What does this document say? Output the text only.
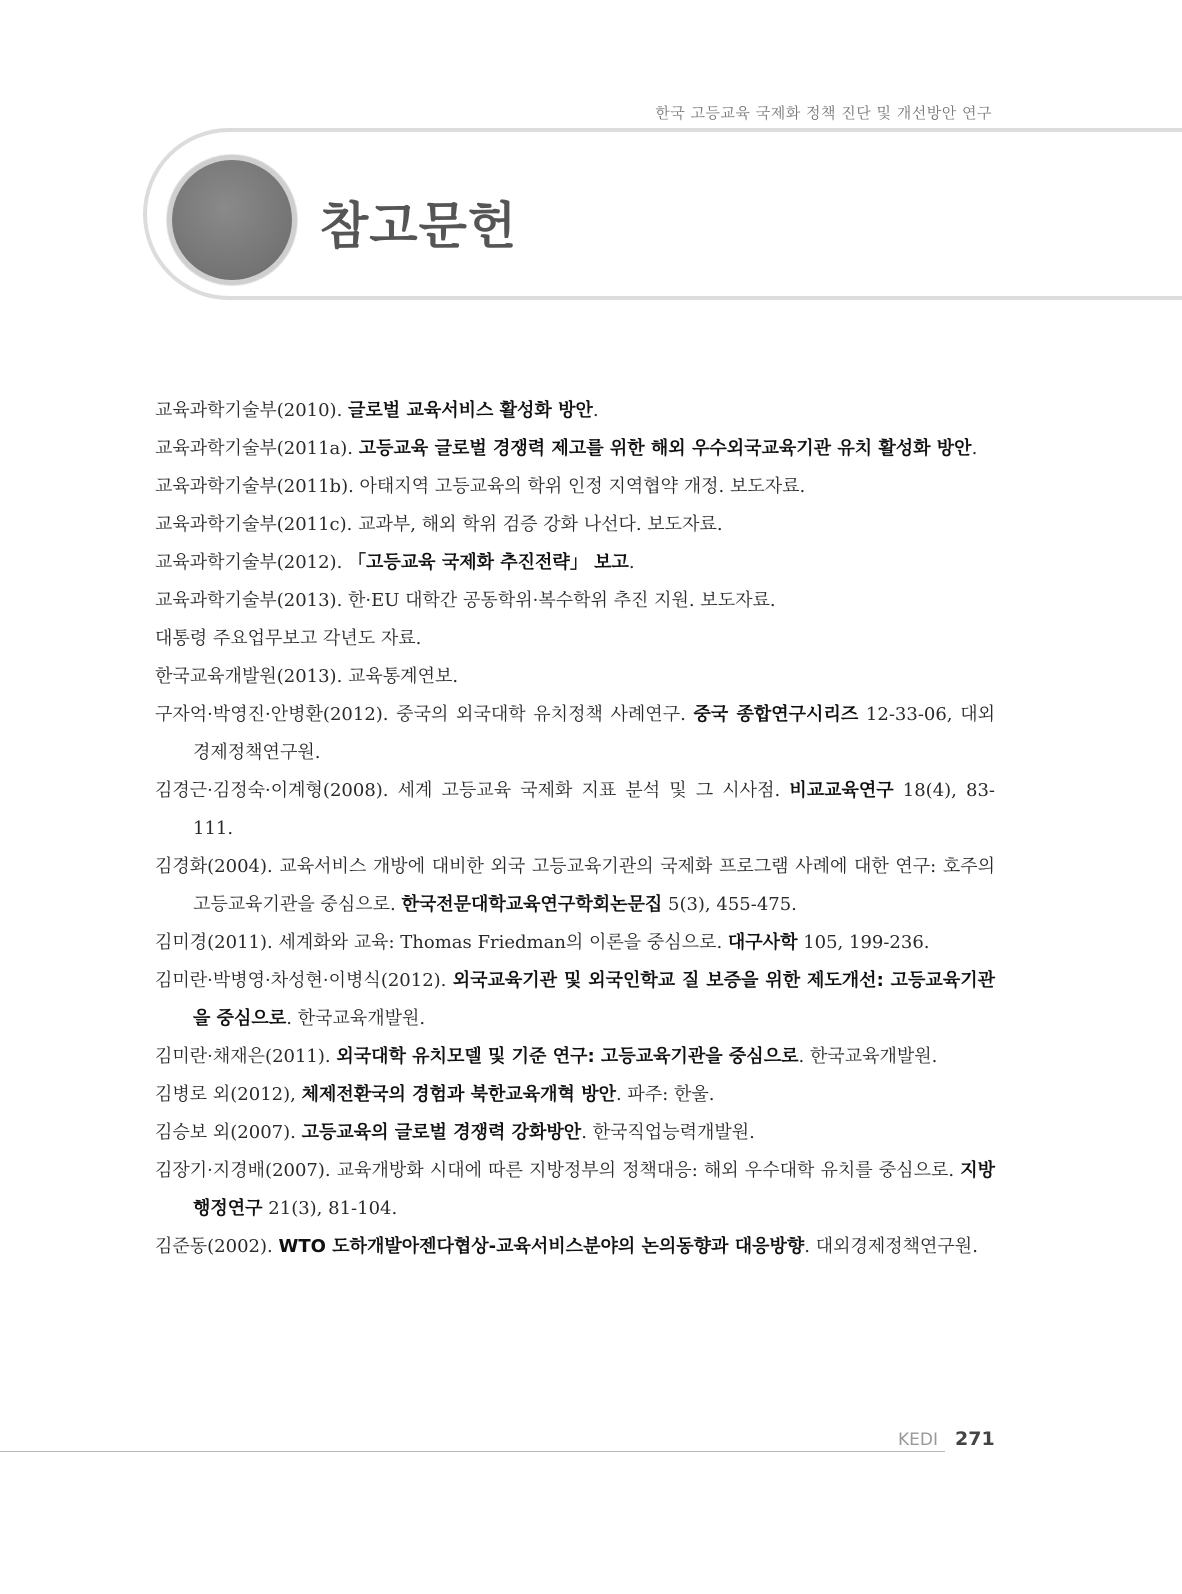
한국 고등교육 국제화 정책 진단 및 개선방안 연구
참고문헌

교육과학기술부(2010). 글로벌 교육서비스 활성화 방안.

교육과학기술부(2011a). 고등교육 글로벌 경쟁력 제고를 위한 해외 우수외국교육기관 유치 활성화 방안.

교육과학기술부(2011b). 아태지역 고등교육의 학위 인정 지역협약 개정. 보도자료.

교육과학기술부(2011c). 교과부, 해외 학위 검증 강화 나선다. 보도자료.

교육과학기술부(2012). 「고등교육 국제화 추진전략」 보고.

교육과학기술부(2013). 한·EU 대학간 공동학위·복수학위 추진 지원. 보도자료.

대통령 주요업무보고 각년도 자료.

한국교육개발원(2013). 교육통계연보.

구자억·박영진·안병환(2012). 중국의 외국대학 유치정책 사례연구. 중국 종합연구시리즈 12-33-06, 대외경제정책연구원.

김경근·김정숙·이계형(2008). 세계 고등교육 국제화 지표 분석 및 그 시사점. 비교교육연구 18(4), 83-111.

김경화(2004). 교육서비스 개방에 대비한 외국 고등교육기관의 국제화 프로그램 사례에 대한 연구: 호주의 고등교육기관을 중심으로. 한국전문대학교육연구학회논문집 5(3), 455-475.

김미경(2011). 세계화와 교육: Thomas Friedman의 이론을 중심으로. 대구사학 105, 199-236.

김미란·박병영·차성현·이병식(2012). 외국교육기관 및 외국인학교 질 보증을 위한 제도개선: 고등교육기관을 중심으로. 한국교육개발원.

김미란·채재은(2011). 외국대학 유치모델 및 기준 연구: 고등교육기관을 중심으로. 한국교육개발원.

김병로 외(2012), 체제전환국의 경험과 북한교육개혁 방안. 파주: 한울.

김승보 외(2007). 고등교육의 글로벌 경쟁력 강화방안. 한국직업능력개발원.

김장기·지경배(2007). 교육개방화 시대에 따른 지방정부의 정책대응: 해외 우수대학 유치를 중심으로. 지방행정연구 21(3), 81-104.

김준동(2002). WTO 도하개발아젠다협상-교육서비스분야의 논의동향과 대응방향. 대외경제정책연구원.

KEDI 271
